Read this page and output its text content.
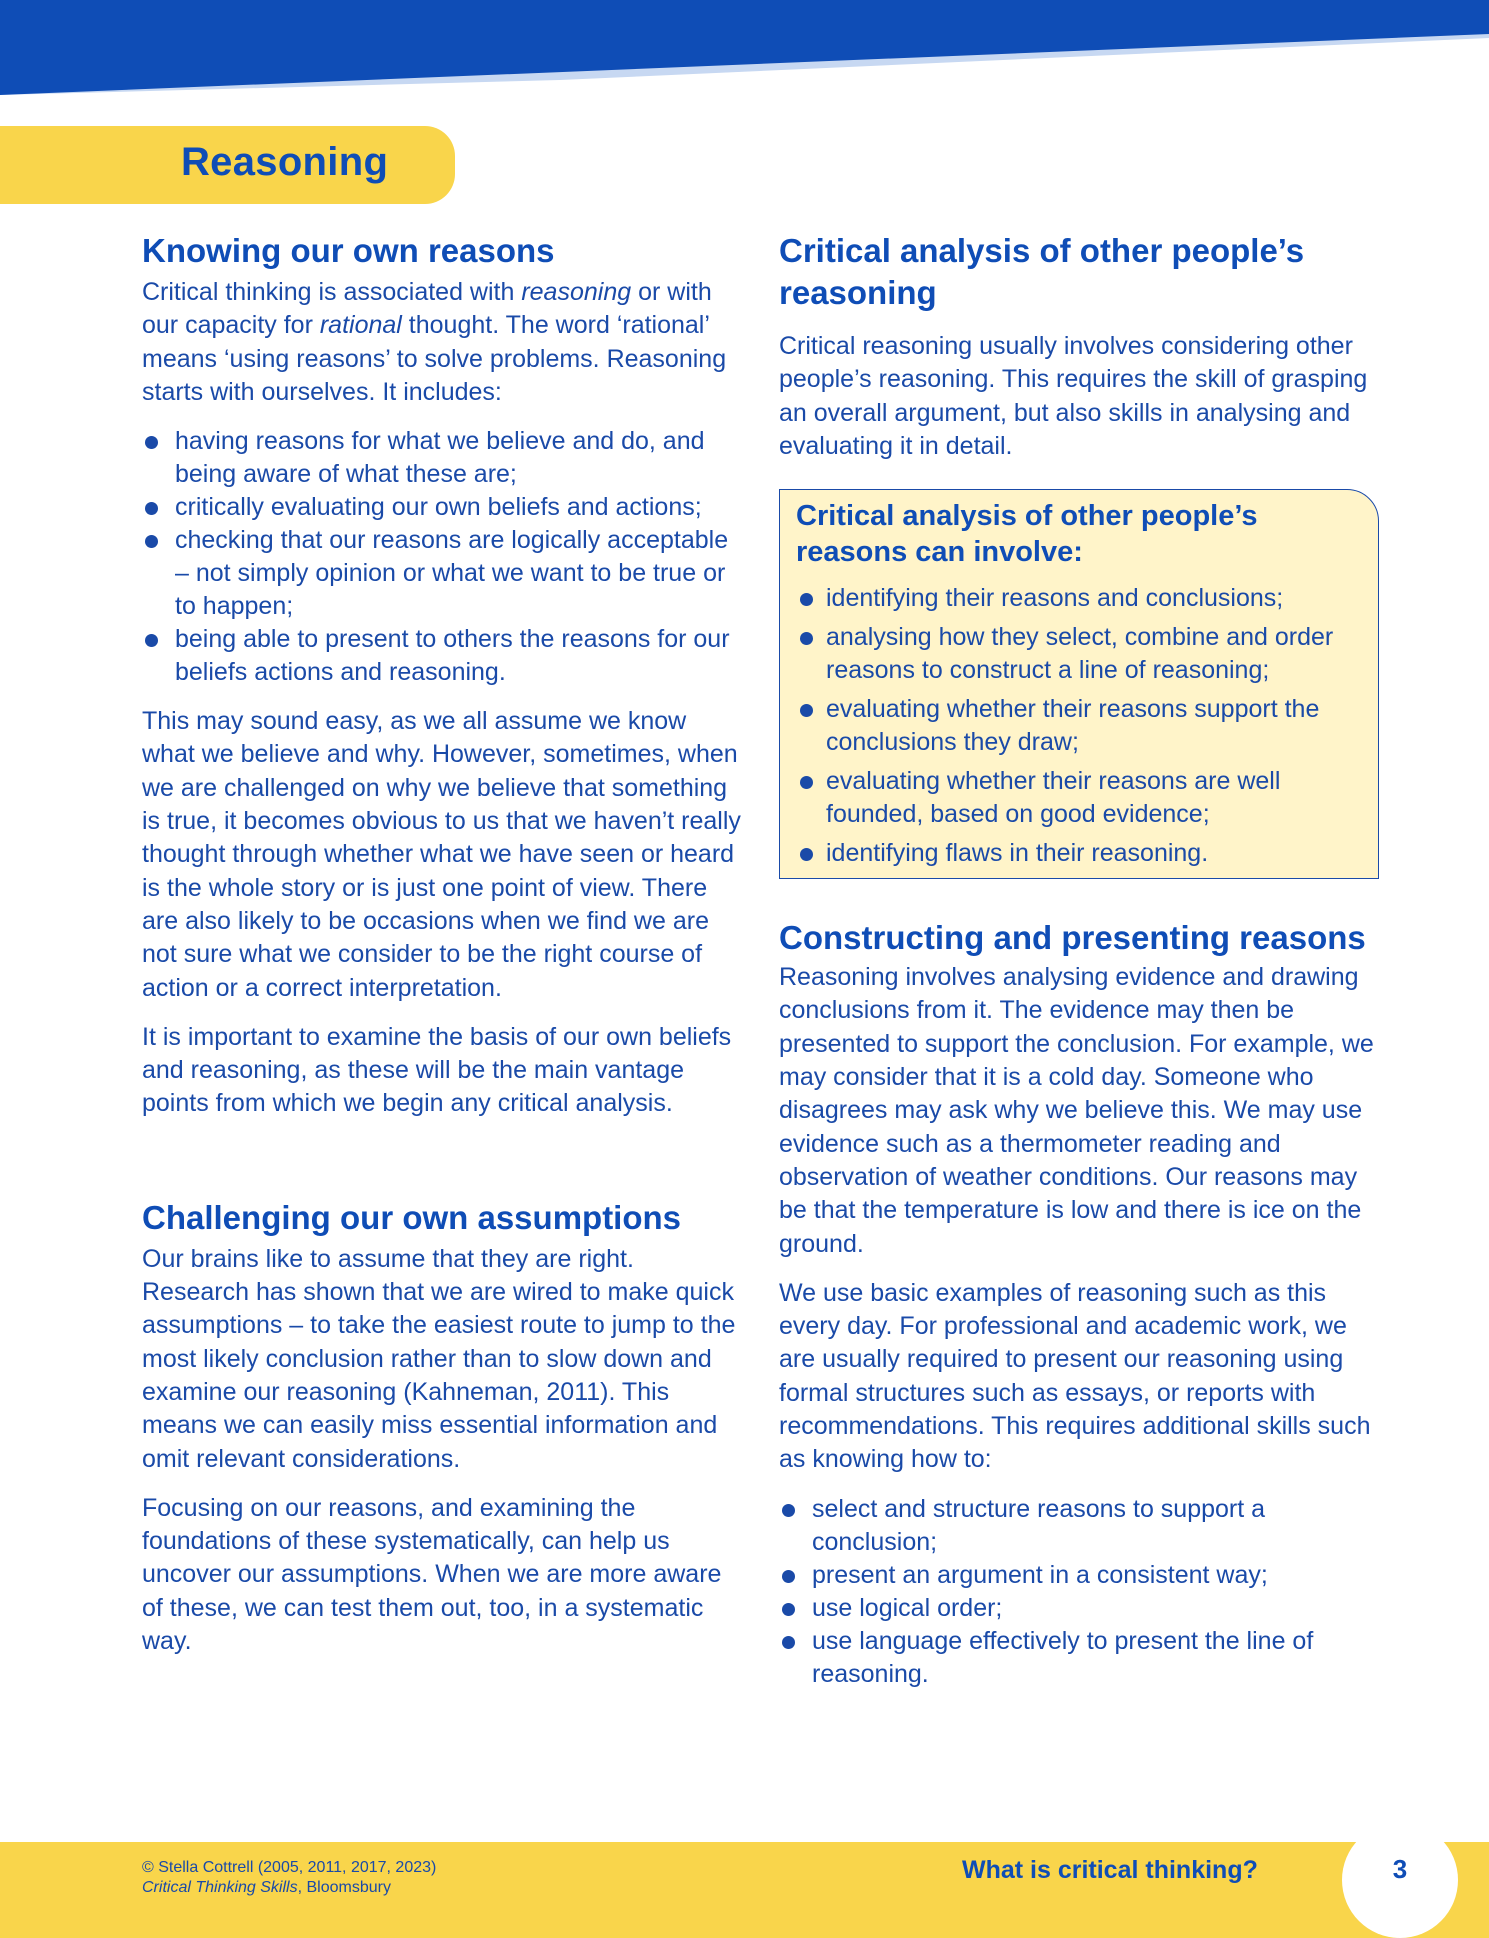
Reasoning
Knowing our own reasons

Critical thinking is associated with reasoning or with our capacity for rational thought. The word ‘rational’ means ‘using reasons’ to solve problems. Reasoning starts with ourselves. It includes:

having reasons for what we believe and do, and being aware of what these are;
critically evaluating our own beliefs and actions;
checking that our reasons are logically acceptable – not simply opinion or what we want to be true or to happen;
being able to present to others the reasons for our beliefs actions and reasoning.

This may sound easy, as we all assume we know what we believe and why. However, sometimes, when we are challenged on why we believe that something is true, it becomes obvious to us that we haven’t really thought through whether what we have seen or heard is the whole story or is just one point of view. There are also likely to be occasions when we find we are not sure what we consider to be the right course of action or a correct interpretation.

It is important to examine the basis of our own beliefs and reasoning, as these will be the main vantage points from which we begin any critical analysis.

Challenging our own assumptions

Our brains like to assume that they are right. Research has shown that we are wired to make quick assumptions – to take the easiest route to jump to the most likely conclusion rather than to slow down and examine our reasoning (Kahneman, 2011). This means we can easily miss essential information and omit relevant considerations.

Focusing on our reasons, and examining the foundations of these systematically, can help us uncover our assumptions. When we are more aware of these, we can test them out, too, in a systematic way.

Critical analysis of other people’s reasoning

Critical reasoning usually involves considering other people’s reasoning. This requires the skill of grasping an overall argument, but also skills in analysing and evaluating it in detail.

Critical analysis of other people’s reasons can involve:
identifying their reasons and conclusions;
analysing how they select, combine and order reasons to construct a line of reasoning;
evaluating whether their reasons support the conclusions they draw;
evaluating whether their reasons are well founded, based on good evidence;
identifying flaws in their reasoning.
Constructing and presenting reasons

Reasoning involves analysing evidence and drawing conclusions from it. The evidence may then be presented to support the conclusion. For example, we may consider that it is a cold day. Someone who disagrees may ask why we believe this. We may use evidence such as a thermometer reading and observation of weather conditions. Our reasons may be that the temperature is low and there is ice on the ground.

We use basic examples of reasoning such as this every day. For professional and academic work, we are usually required to present our reasoning using formal structures such as essays, or reports with recommendations. This requires additional skills such as knowing how to:

select and structure reasons to support a conclusion;
present an argument in a consistent way;
use logical order;
use language effectively to present the line of reasoning.
© Stella Cottrell (2005, 2011, 2017, 2023)
Critical Thinking Skills, Bloomsbury
What is critical thinking?	3
